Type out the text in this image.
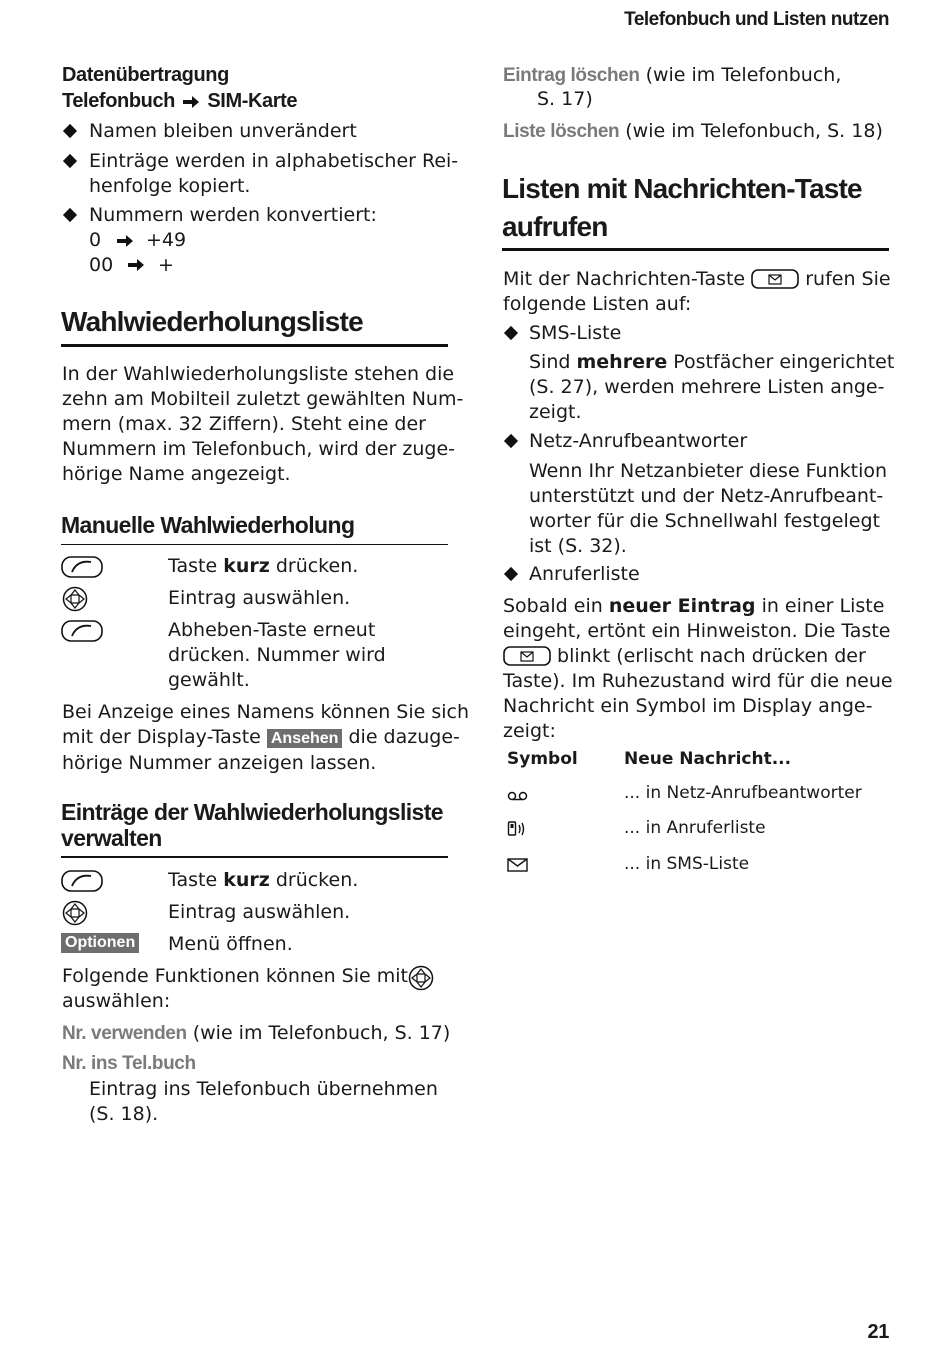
Telefonbuch und Listen nutzen
Datenübertragung
Telefonbuch SIM-Karte
Namen bleiben unverändert
Einträge werden in alphabetischer Rei-
henfolge kopiert.
Nummern werden konvertiert:
0 +49
00 +
Wahlwiederholungsliste
In der Wahlwiederholungsliste stehen die
zehn am Mobilteil zuletzt gewählten Num-
mern (max. 32 Ziffern). Steht eine der
Nummern im Telefonbuch, wird der zuge-
hörige Name angezeigt.
Manuelle Wahlwiederholung
Taste kurz drücken.
Eintrag auswählen.
Abheben-Taste erneut
drücken. Nummer wird
gewählt.
Bei Anzeige eines Namens können Sie sich
mit der Display-Taste Ansehen die dazuge-
hörige Nummer anzeigen lassen.
Einträge der Wahlwiederholungsliste
verwalten
Taste kurz drücken.
Eintrag auswählen.
Optionen Menü öffnen.
Folgende Funktionen können Sie mit
auswählen:
Nr. verwenden (wie im Telefonbuch, S. 17)
Nr. ins Tel.buch
Eintrag ins Telefonbuch übernehmen
(S. 18).
Eintrag löschen (wie im Telefonbuch,
S. 17)
Liste löschen (wie im Telefonbuch, S. 18)
Listen mit Nachrichten-Taste
aufrufen
Mit der Nachrichten-Taste	rufen Sie
folgende Listen auf:
SMS-Liste
Sind mehrere Postfächer eingerichtet
(S. 27), werden mehrere Listen ange-
zeigt.
Netz-Anrufbeantworter
Wenn Ihr Netzanbieter diese Funktion
unterstützt und der Netz-Anrufbeant-
worter für die Schnellwahl festgelegt
ist (S. 32).
Anruferliste
Sobald ein neuer Eintrag in einer Liste
eingeht, ertönt ein Hinweiston. Die Taste
blinkt (erlischt nach drücken der
Taste). Im Ruhezustand wird für die neue
Nachricht ein Symbol im Display ange-
zeigt:
Symbol	Neue Nachricht...
... in Netz-Anrufbeantworter
... in Anruferliste
... in SMS-Liste
21
